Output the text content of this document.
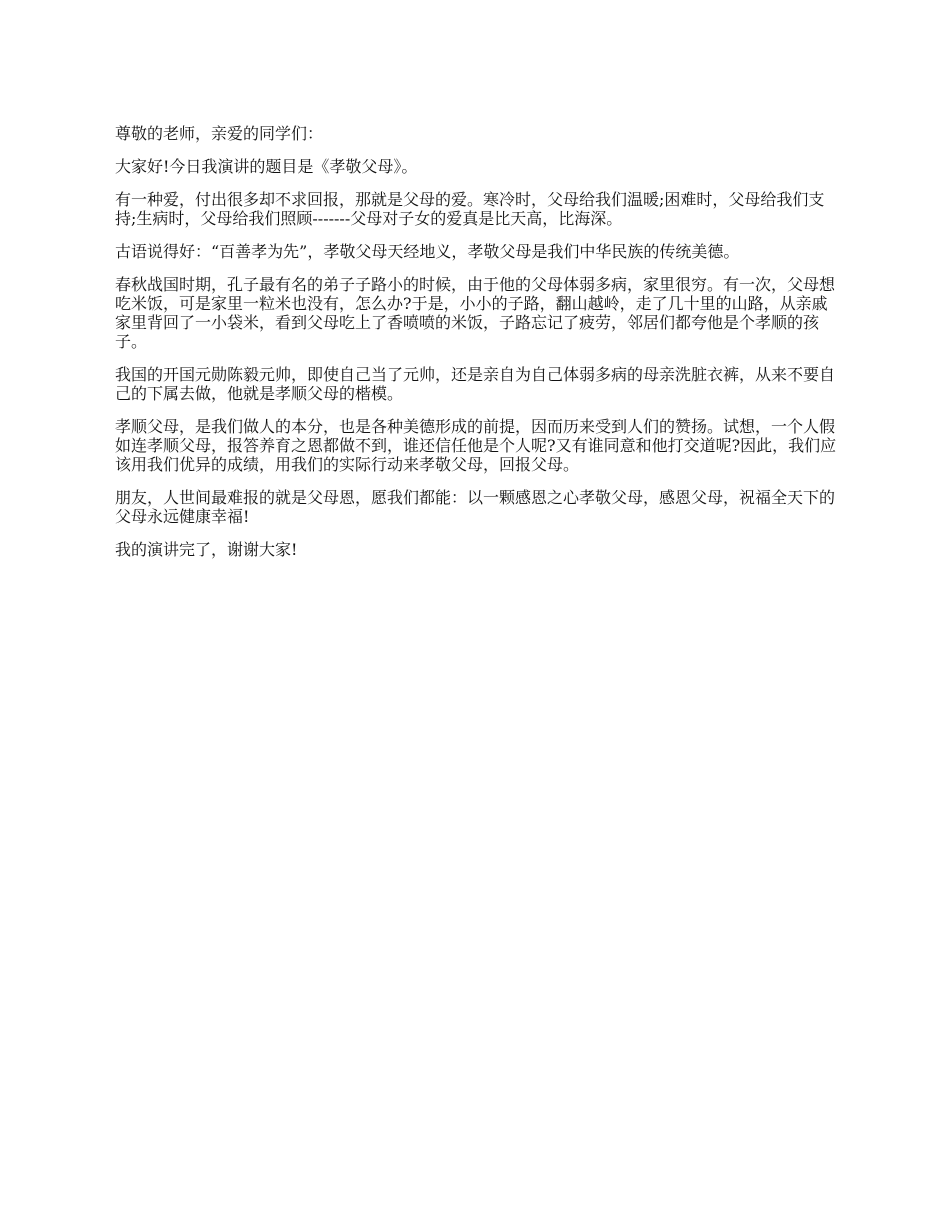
尊敬的老师，亲爱的同学们：

大家好!今日我演讲的题目是《孝敬父母》。

有一种爱，付出很多却不求回报，那就是父母的爱。寒冷时，父母给我们温暖;困难时，父母给我们支持;生病时，父母给我们照顾-------父母对子女的爱真是比天高，比海深。

古语说得好：“百善孝为先”，孝敬父母天经地义，孝敬父母是我们中华民族的传统美德。

春秋战国时期，孔子最有名的弟子子路小的时候，由于他的父母体弱多病，家里很穷。有一次，父母想吃米饭，可是家里一粒米也没有，怎么办?于是，小小的子路，翻山越岭，走了几十里的山路，从亲戚家里背回了一小袋米，看到父母吃上了香喷喷的米饭，子路忘记了疲劳，邻居们都夸他是个孝顺的孩子。

我国的开国元勋陈毅元帅，即使自己当了元帅，还是亲自为自己体弱多病的母亲洗脏衣裤，从来不要自己的下属去做，他就是孝顺父母的楷模。

孝顺父母，是我们做人的本分，也是各种美德形成的前提，因而历来受到人们的赞扬。试想，一个人假如连孝顺父母，报答养育之恩都做不到，谁还信任他是个人呢?又有谁同意和他打交道呢?因此，我们应该用我们优异的成绩，用我们的实际行动来孝敬父母，回报父母。

朋友，人世间最难报的就是父母恩，愿我们都能：以一颗感恩之心孝敬父母，感恩父母，祝福全天下的父母永远健康幸福!

我的演讲完了，谢谢大家!
